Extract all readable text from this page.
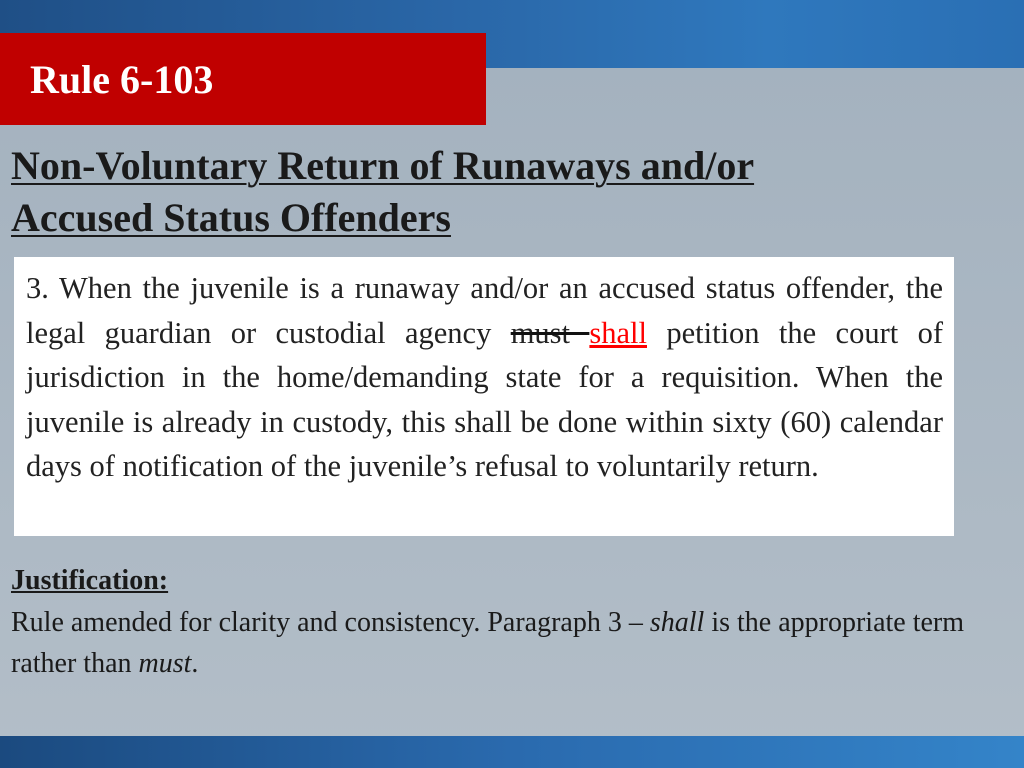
Rule 6-103
Non-Voluntary Return of Runaways and/or
Accused Status Offenders

3. When the juvenile is a runaway and/or an accused status offender, the legal guardian or custodial agency must shall petition the court of jurisdiction in the home/demanding state for a requisition. When the juvenile is already in custody, this shall be done within sixty (60) calendar days of notification of the juvenile’s refusal to voluntarily return.

Justification:

Rule amended for clarity and consistency. Paragraph 3 – shall is the appropriate term rather than must.
